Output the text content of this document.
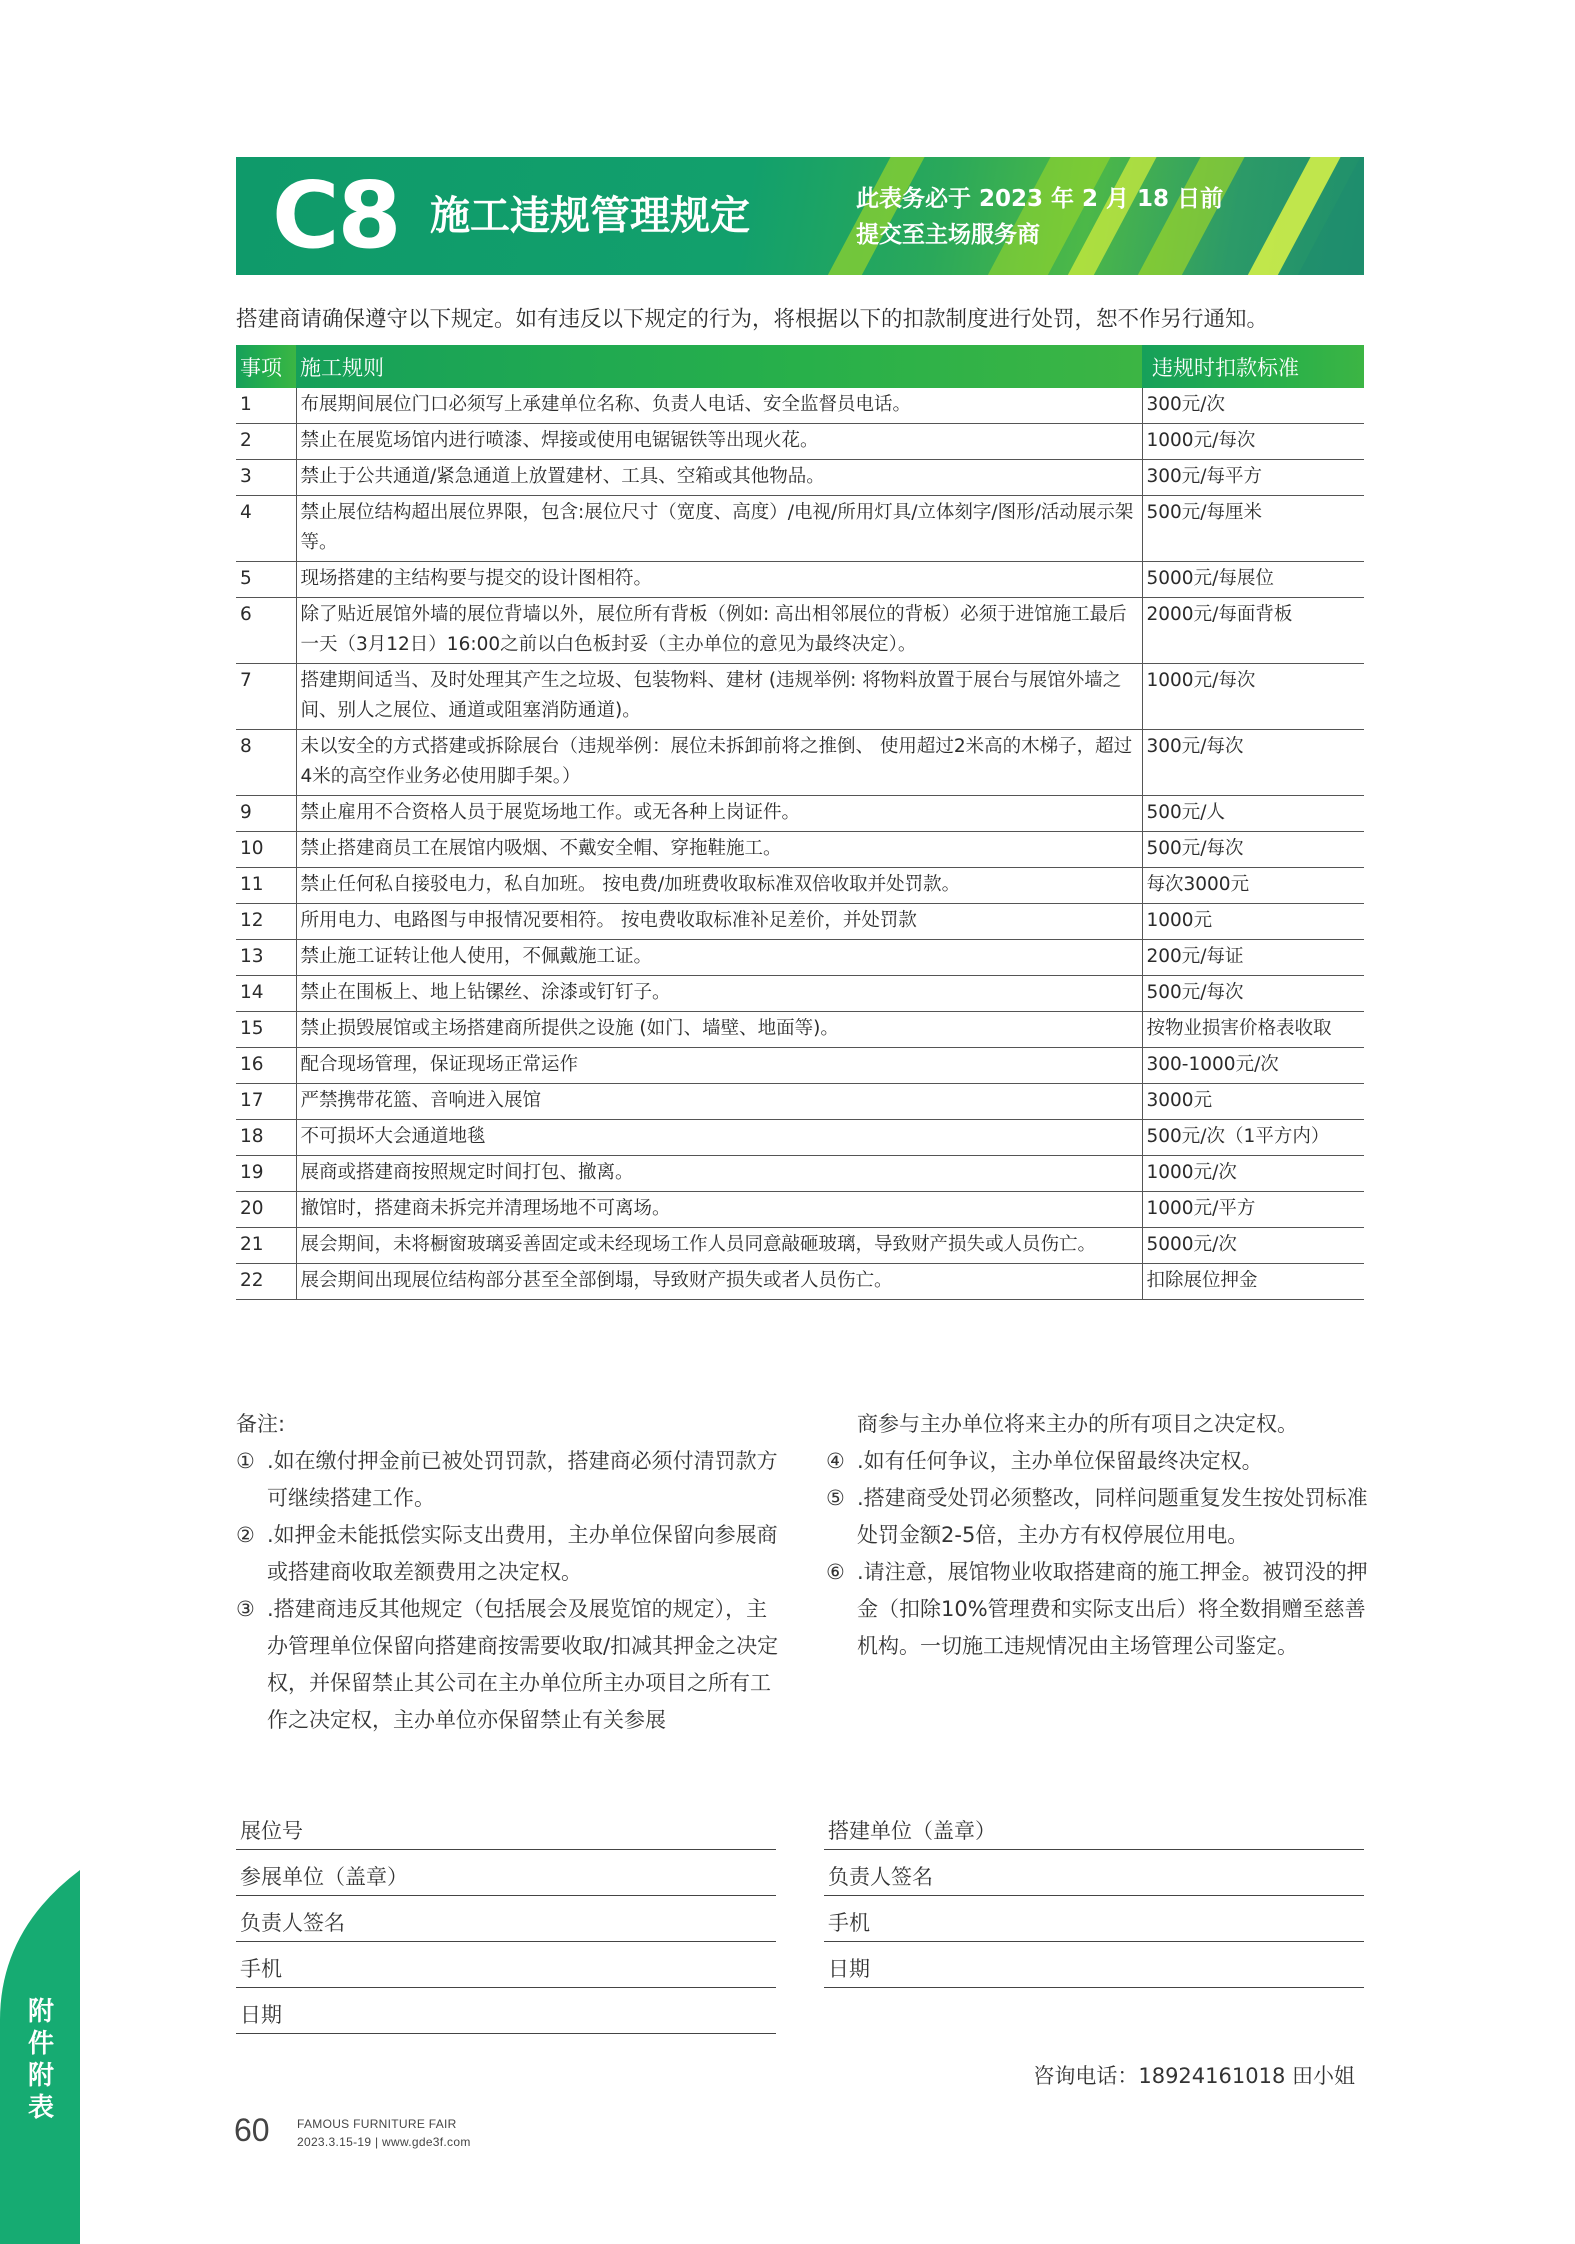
C8 施工违规管理规定	此表务必于 2023 年 2 月 18 日前
提交至主场服务商
搭建商请确保遵守以下规定。如有违反以下规定的行为，将根据以下的扣款制度进行处罚，恕不作另行通知。
事项	施工规则	违规时扣款标准
1	布展期间展位门口必须写上承建单位名称、负责人电话、安全监督员电话。	300元/次
2	禁止在展览场馆内进行喷漆、焊接或使用电锯锯铁等出现火花。	1000元/每次
3	禁止于公共通道/紧急通道上放置建材、工具、空箱或其他物品。	300元/每平方
4	禁止展位结构超出展位界限，包含:展位尺寸（宽度、高度）/电视/所用灯具/立体刻字/图形/活动展示架等。	500元/每厘米
5	现场搭建的主结构要与提交的设计图相符。	5000元/每展位
6	除了贴近展馆外墙的展位背墙以外，展位所有背板（例如: 高出相邻展位的背板）必须于进馆施工最后一天（3月12日）16:00之前以白色板封妥（主办单位的意见为最终决定）。	2000元/每面背板
7	搭建期间适当、及时处理其产生之垃圾、包装物料、建材 (违规举例: 将物料放置于展台与展馆外墙之间、别人之展位、通道或阻塞消防通道)。	1000元/每次
8	未以安全的方式搭建或拆除展台（违规举例：展位未拆卸前将之推倒、 使用超过2米高的木梯子，超过4米的高空作业务必使用脚手架。）	300元/每次
9	禁止雇用不合资格人员于展览场地工作。或无各种上岗证件。	500元/人
10	禁止搭建商员工在展馆内吸烟、不戴安全帽、穿拖鞋施工。	500元/每次
11	禁止任何私自接驳电力，私自加班。 按电费/加班费收取标准双倍收取并处罚款。	每次3000元
12	所用电力、电路图与申报情况要相符。 按电费收取标准补足差价，并处罚款	1000元
13	禁止施工证转让他人使用，不佩戴施工证。	200元/每证
14	禁止在围板上、地上钻镙丝、涂漆或钉钉子。	500元/每次
15	禁止损毁展馆或主场搭建商所提供之设施 (如门、墙壁、地面等)。	按物业损害价格表收取
16	配合现场管理，保证现场正常运作	300-1000元/次
17	严禁携带花篮、音响进入展馆	3000元
18	不可损坏大会通道地毯	500元/次（1平方内）
19	展商或搭建商按照规定时间打包、撤离。	1000元/次
20	撤馆时，搭建商未拆完并清理场地不可离场。	1000元/平方
21	展会期间，未将橱窗玻璃妥善固定或未经现场工作人员同意敲砸玻璃，导致财产损失或人员伤亡。	5000元/次
22	展会期间出现展位结构部分甚至全部倒塌，导致财产损失或者人员伤亡。	扣除展位押金
备注:
① .如在缴付押金前已被处罚罚款，搭建商必须付清罚款方可继续搭建工作。
② .如押金未能抵偿实际支出费用，主办单位保留向参展商或搭建商收取差额费用之决定权。
③ .搭建商违反其他规定（包括展会及展览馆的规定），主办管理单位保留向搭建商按需要收取/扣减其押金之决定权，并保留禁止其公司在主办单位所主办项目之所有工作之决定权，主办单位亦保留禁止有关参展
商参与主办单位将来主办的所有项目之决定权。
④ .如有任何争议，主办单位保留最终决定权。
⑤ .搭建商受处罚必须整改，同样问题重复发生按处罚标准处罚金额2-5倍，主办方有权停展位用电。
⑥ .请注意，展馆物业收取搭建商的施工押金。被罚没的押金（扣除10%管理费和实际支出后）将全数捐赠至慈善机构。一切施工违规情况由主场管理公司鉴定。
展位号
参展单位（盖章）
负责人签名
手机
日期
搭建单位（盖章）
负责人签名
手机
日期
咨询电话：18924161018 田小姐
60 FAMOUS FURNITURE FAIR
2023.3.15-19 | www.gde3f.com
附件附表
